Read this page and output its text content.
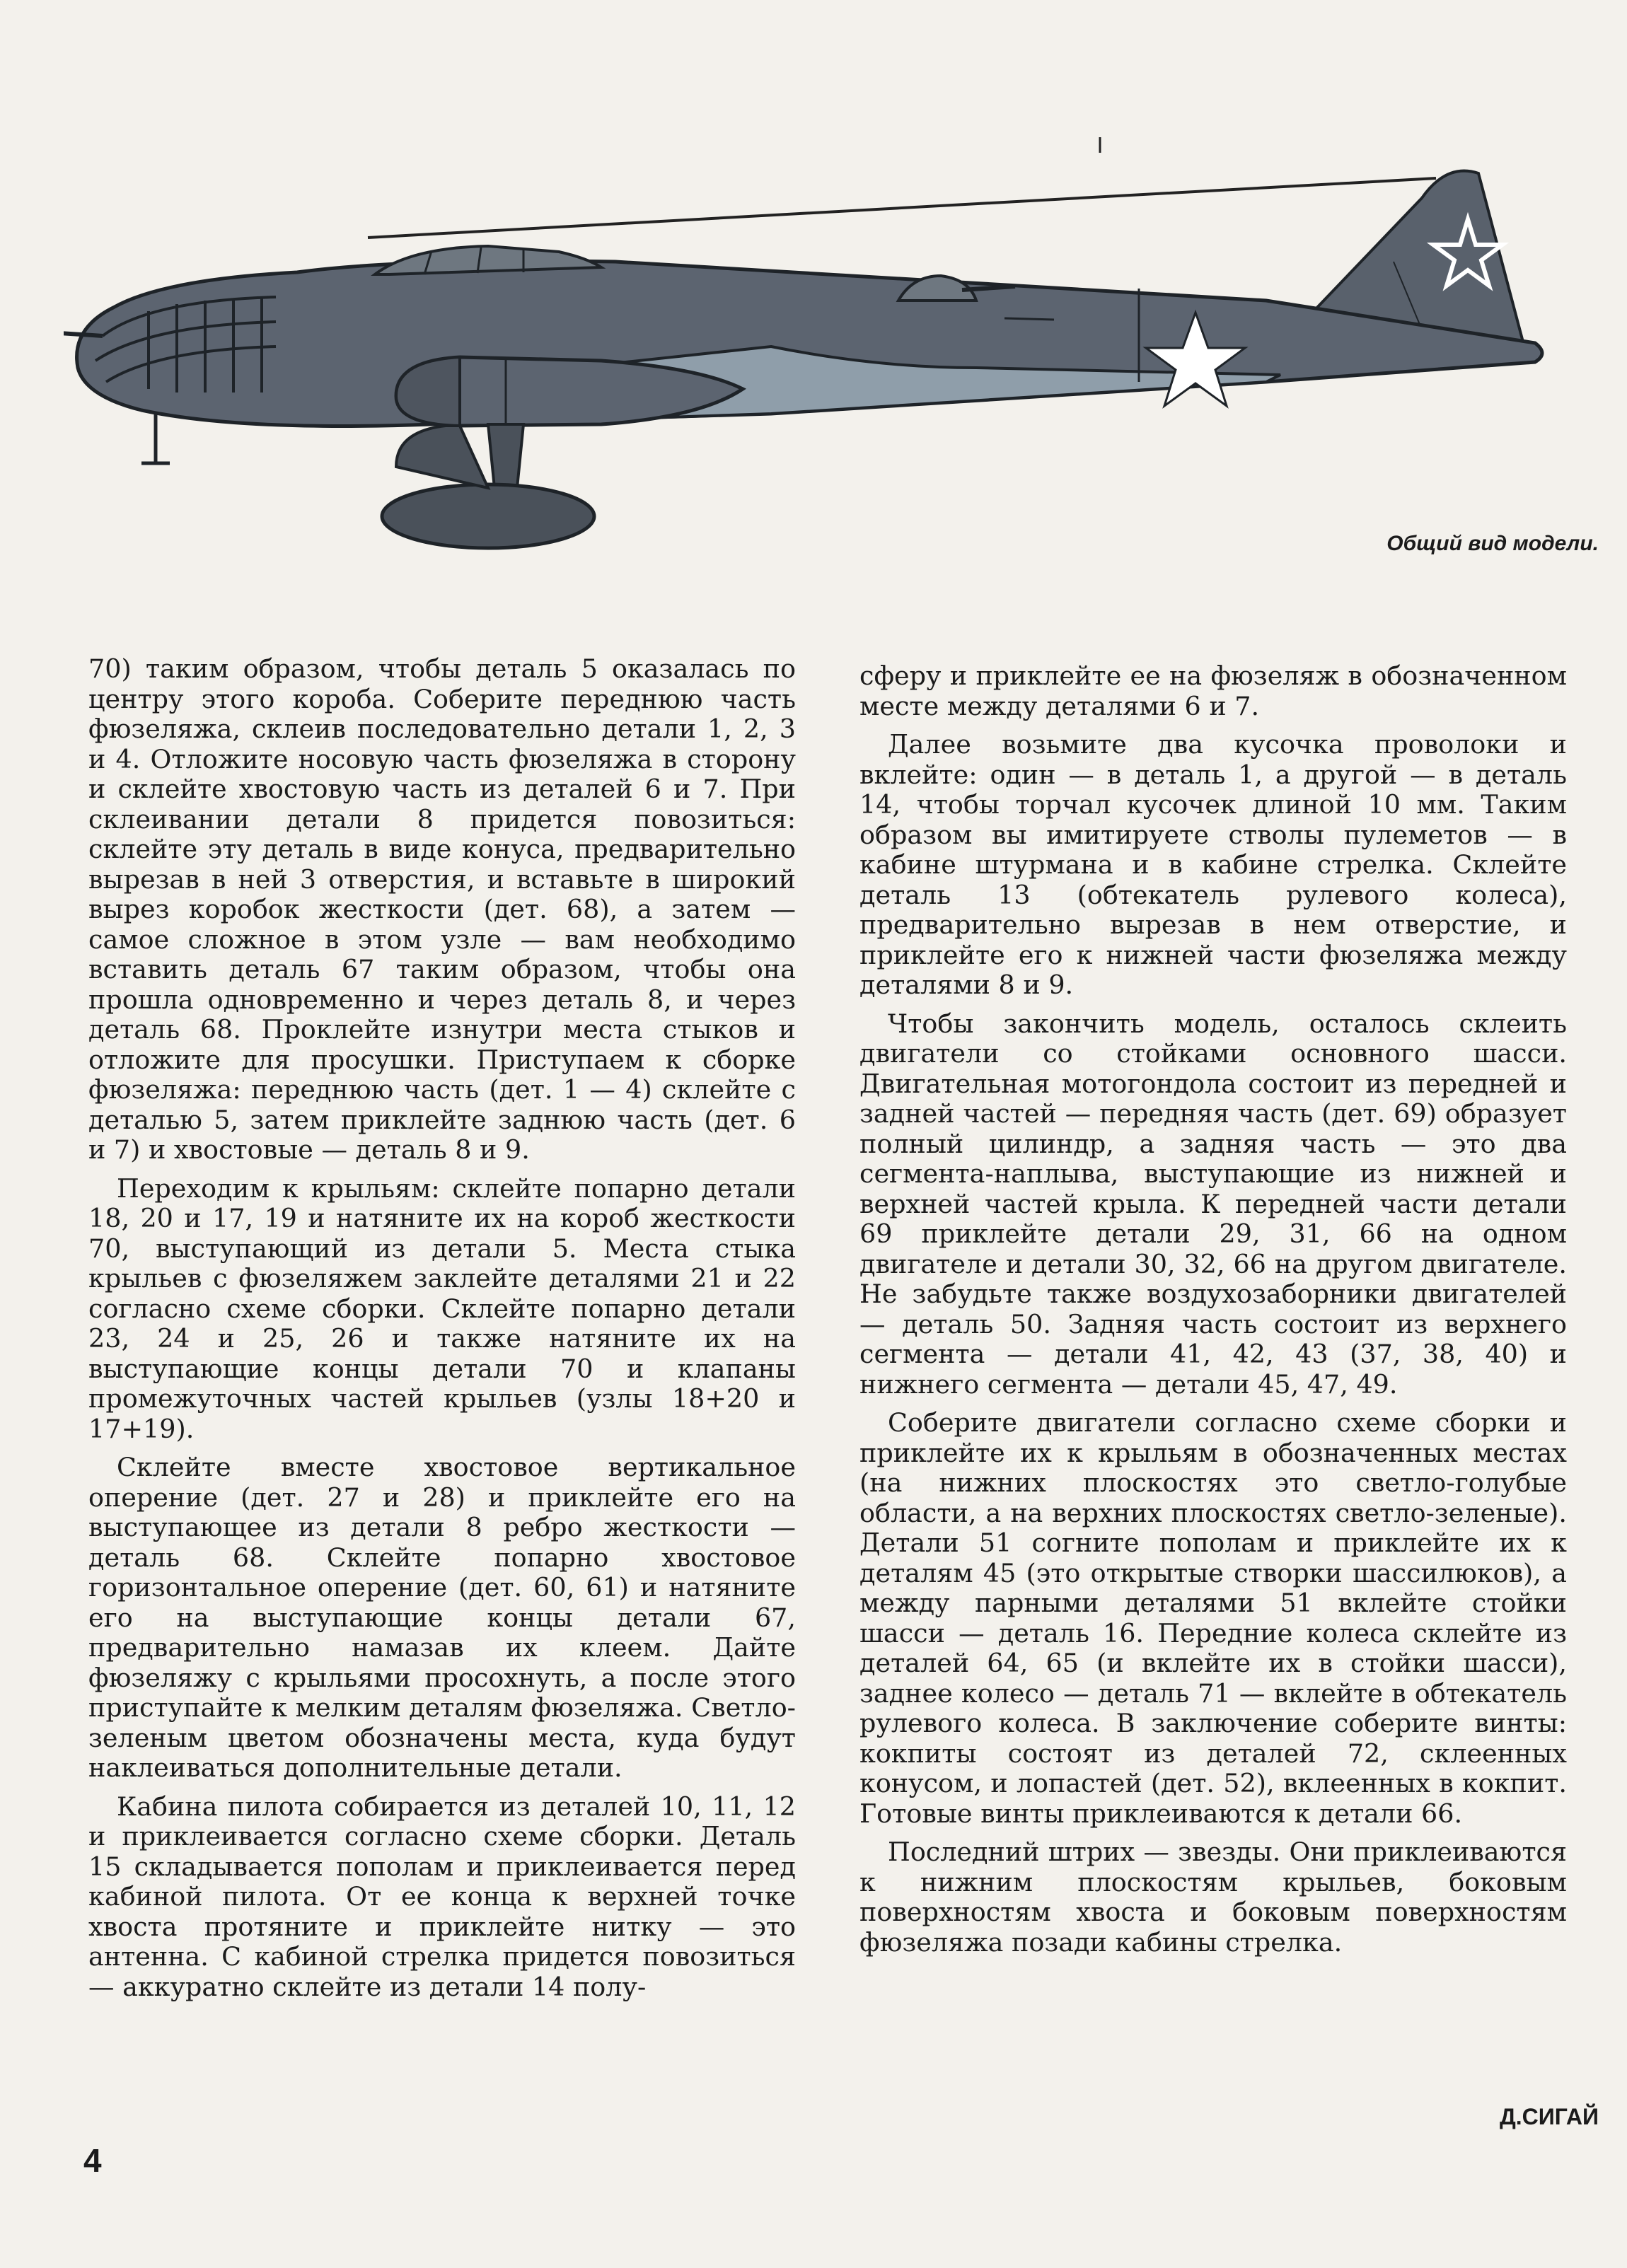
Общий вид модели.

70) таким образом, чтобы деталь 5 оказалась по центру этого короба. Соберите переднюю часть фюзеляжа, склеив последовательно детали 1, 2, 3 и 4. Отложите носовую часть фюзеляжа в сторону и склейте хвостовую часть из деталей 6 и 7. При склеивании детали 8 придется повозиться: склейте эту деталь в виде конуса, предварительно вырезав в ней 3 отверстия, и вставьте в широкий вырез коробок жесткости (дет. 68), а затем — самое сложное в этом узле — вам необходимо вставить деталь 67 таким образом, чтобы она прошла одновременно и через деталь 8, и через деталь 68. Проклейте изнутри места стыков и отложите для просушки. Приступаем к сборке фюзеляжа: переднюю часть (дет. 1 — 4) склейте с деталью 5, затем приклейте заднюю часть (дет. 6 и 7) и хвостовые — деталь 8 и 9.

Переходим к крыльям: склейте попарно детали 18, 20 и 17, 19 и натяните их на короб жесткости 70, выступающий из детали 5. Места стыка крыльев с фюзеляжем заклейте деталями 21 и 22 согласно схеме сборки. Склейте попарно детали 23, 24 и 25, 26 и также натяните их на выступающие концы детали 70 и клапаны промежуточных частей крыльев (узлы 18+20 и 17+19).

Склейте вместе хвостовое вертикальное оперение (дет. 27 и 28) и приклейте его на выступающее из детали 8 ребро жесткости — деталь 68. Склейте попарно хвостовое горизонтальное оперение (дет. 60, 61) и натяните его на выступающие концы детали 67, предварительно намазав их клеем. Дайте фюзеляжу с крыльями просохнуть, а после этого приступайте к мелким деталям фюзеляжа. Светло-зеленым цветом обозначены места, куда будут наклеиваться дополнительные детали.

Кабина пилота собирается из деталей 10, 11, 12 и приклеивается согласно схеме сборки. Деталь 15 складывается пополам и приклеивается перед кабиной пилота. От ее конца к верхней точке хвоста протяните и приклейте нитку — это антенна. С кабиной стрелка придется повозиться — аккуратно склейте из детали 14 полу-

сферу и приклейте ее на фюзеляж в обозначенном месте между деталями 6 и 7.

Далее возьмите два кусочка проволоки и вклейте: один — в деталь 1, а другой — в деталь 14, чтобы торчал кусочек длиной 10 мм. Таким образом вы имитируете стволы пулеметов — в кабине штурмана и в кабине стрелка. Склейте деталь 13 (обтекатель рулевого колеса), предварительно вырезав в нем отверстие, и приклейте его к нижней части фюзеляжа между деталями 8 и 9.

Чтобы закончить модель, осталось склеить двигатели со стойками основного шасси. Двигательная мотогондола состоит из передней и задней частей — передняя часть (дет. 69) образует полный цилиндр, а задняя часть — это два сегмента-наплыва, выступающие из нижней и верхней частей крыла. К передней части детали 69 приклейте детали 29, 31, 66 на одном двигателе и детали 30, 32, 66 на другом двигателе. Не забудьте также воздухозаборники двигателей — деталь 50. Задняя часть состоит из верхнего сегмента — детали 41, 42, 43 (37, 38, 40) и нижнего сегмента — детали 45, 47, 49.

Соберите двигатели согласно схеме сборки и приклейте их к крыльям в обозначенных местах (на нижних плоскостях это светло-голубые области, а на верхних плоскостях светло-зеленые). Детали 51 согните пополам и приклейте их к деталям 45 (это открытые створки шассилюков), а между парными деталями 51 вклейте стойки шасси — деталь 16. Передние колеса склейте из деталей 64, 65 (и вклейте их в стойки шасси), заднее колесо — деталь 71 — вклейте в обтекатель рулевого колеса. В заключение соберите винты: кокпиты состоят из деталей 72, склеенных конусом, и лопастей (дет. 52), вклеенных в кокпит. Готовые винты приклеиваются к детали 66.

Последний штрих — звезды. Они приклеиваются к нижним плоскостям крыльев, боковым поверхностям хвоста и боковым поверхностям фюзеляжа позади кабины стрелка.

Д.СИГАЙ
4
